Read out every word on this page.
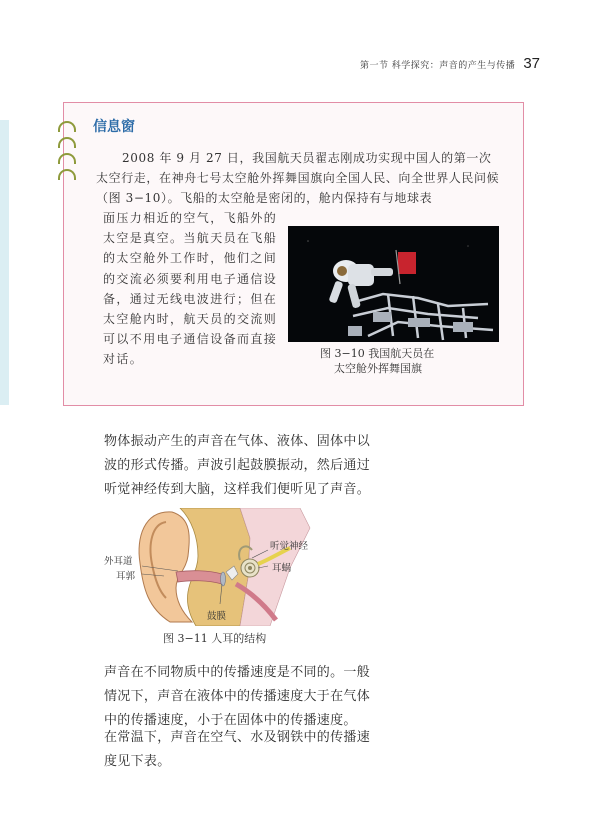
第一节 科学探究：声音的产生与传播 37
信息窗
2008 年 9 月 27 日，我国航天员翟志刚成功实现中国人的第一次
太空行走，在神舟七号太空舱外挥舞国旗向全国人民、向全世界人民问候（图 3−10）。飞船的太空舱是密闭的，舱内保持有与地球表
面压力相近的空气，飞船外的太空是真空。当航天员在飞船的太空舱外工作时，他们之间的交流必须要利用电子通信设备，通过无线电波进行；但在太空舱内时，航天员的交流则可以不用电子通信设备而直接对话。	图 3−10 我国航天员在
太空舱外挥舞国旗
物体振动产生的声音在气体、液体、固体中以波的形式传播。声波引起鼓膜振动，然后通过听觉神经传到大脑，这样我们便听见了声音。
外耳道
耳郭
听觉神经
耳蜗
鼓膜
图 3−11 人耳的结构
声音在不同物质中的传播速度是不同的。一般情况下，声音在液体中的传播速度大于在气体中的传播速度，小于在固体中的传播速度。
在常温下，声音在空气、水及钢铁中的传播速度见下表。
